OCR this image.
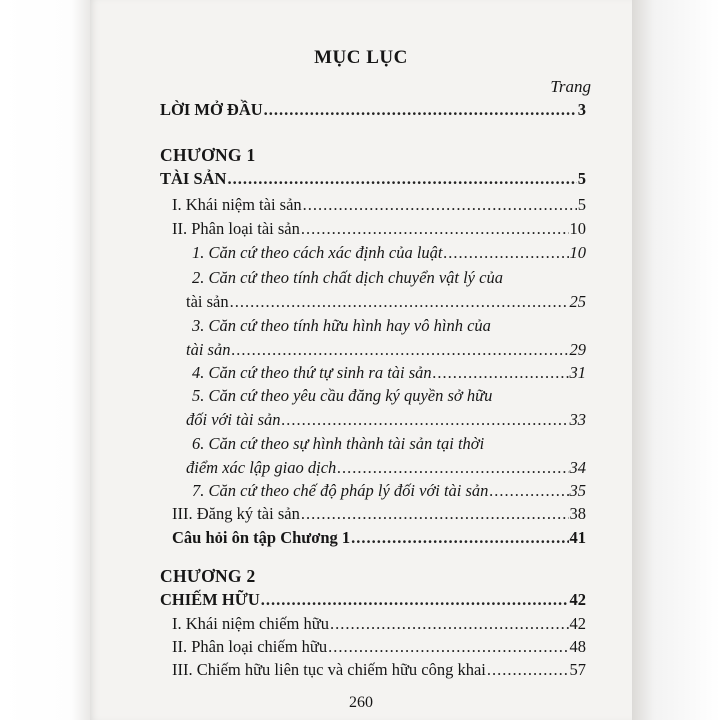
MỤC LỤC
Trang
LỜI MỞ ĐẦU .....	3
CHƯƠNG 1
TÀI SẢN .....	5
I. Khái niệm tài sản .....	5
II. Phân loại tài sản .....	10
1. Căn cứ theo cách xác định của luật .....	10
2. Căn cứ theo tính chất dịch chuyển vật lý của
tài sản .....	25
3. Căn cứ theo tính hữu hình hay vô hình của
tài sản .....	29
4. Căn cứ theo thứ tự sinh ra tài sản .....	31
5. Căn cứ theo yêu cầu đăng ký quyền sở hữu
đối với tài sản .....	33
6. Căn cứ theo sự hình thành tài sản tại thời
điểm xác lập giao dịch .....	34
7. Căn cứ theo chế độ pháp lý đối với tài sản .....	35
III. Đăng ký tài sản .....	38
Câu hỏi ôn tập Chương 1 .....	41
CHƯƠNG 2
CHIẾM HỮU .....	42
I. Khái niệm chiếm hữu .....	42
II. Phân loại chiếm hữu .....	48
III. Chiếm hữu liên tục và chiếm hữu công khai .....	57
260
